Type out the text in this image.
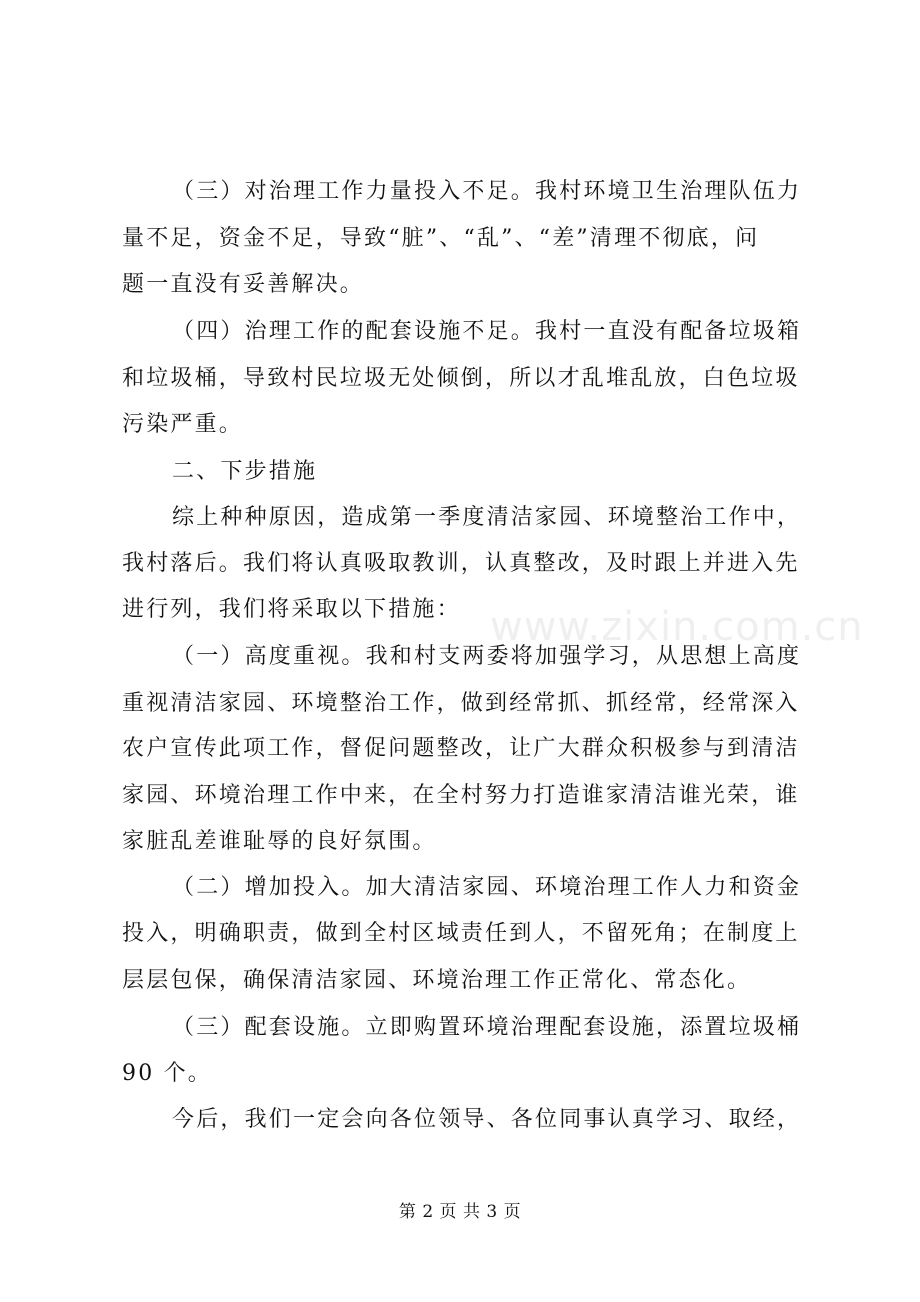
www.zixin.com.cn
（三）对治理工作力量投入不足。我村环境卫生治理队伍力
量不足，资金不足，导致“脏”、“乱”、“差”清理不彻底，问
题一直没有妥善解决。
（四）治理工作的配套设施不足。我村一直没有配备垃圾箱
和垃圾桶，导致村民垃圾无处倾倒，所以才乱堆乱放，白色垃圾
污染严重。
二、下步措施
综上种种原因，造成第一季度清洁家园、环境整治工作中，
我村落后。我们将认真吸取教训，认真整改，及时跟上并进入先
进行列，我们将采取以下措施：
（一）高度重视。我和村支两委将加强学习，从思想上高度
重视清洁家园、环境整治工作，做到经常抓、抓经常，经常深入
农户宣传此项工作，督促问题整改，让广大群众积极参与到清洁
家园、环境治理工作中来，在全村努力打造谁家清洁谁光荣，谁
家脏乱差谁耻辱的良好氛围。
（二）增加投入。加大清洁家园、环境治理工作人力和资金
投入，明确职责，做到全村区域责任到人，不留死角；在制度上
层层包保，确保清洁家园、环境治理工作正常化、常态化。
（三）配套设施。立即购置环境治理配套设施，添置垃圾桶
90 个。
今后，我们一定会向各位领导、各位同事认真学习、取经，
第 2 页 共 3 页
